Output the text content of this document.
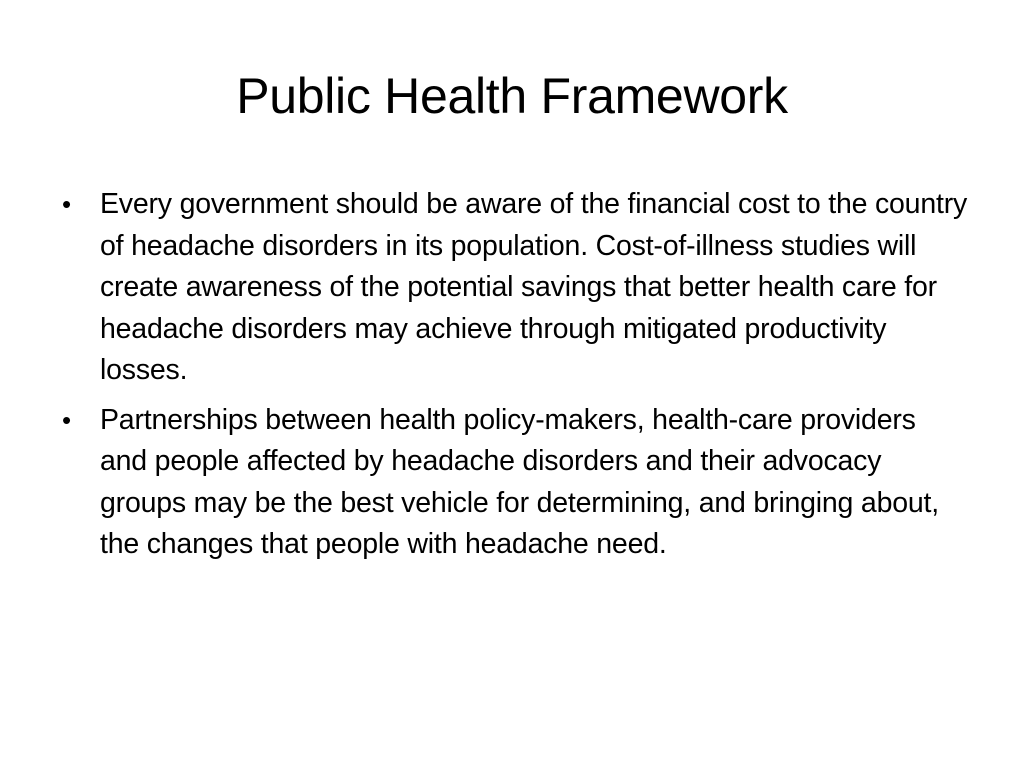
Public Health Framework
• Every government should be aware of the financial cost to the country of headache disorders in its population. Cost-of-illness studies will create awareness of the potential savings that better health care for headache disorders may achieve through mitigated productivity losses.
• Partnerships between health policy-makers, health-care providers and people affected by headache disorders and their advocacy groups may be the best vehicle for determining, and bringing about, the changes that people with headache need.
